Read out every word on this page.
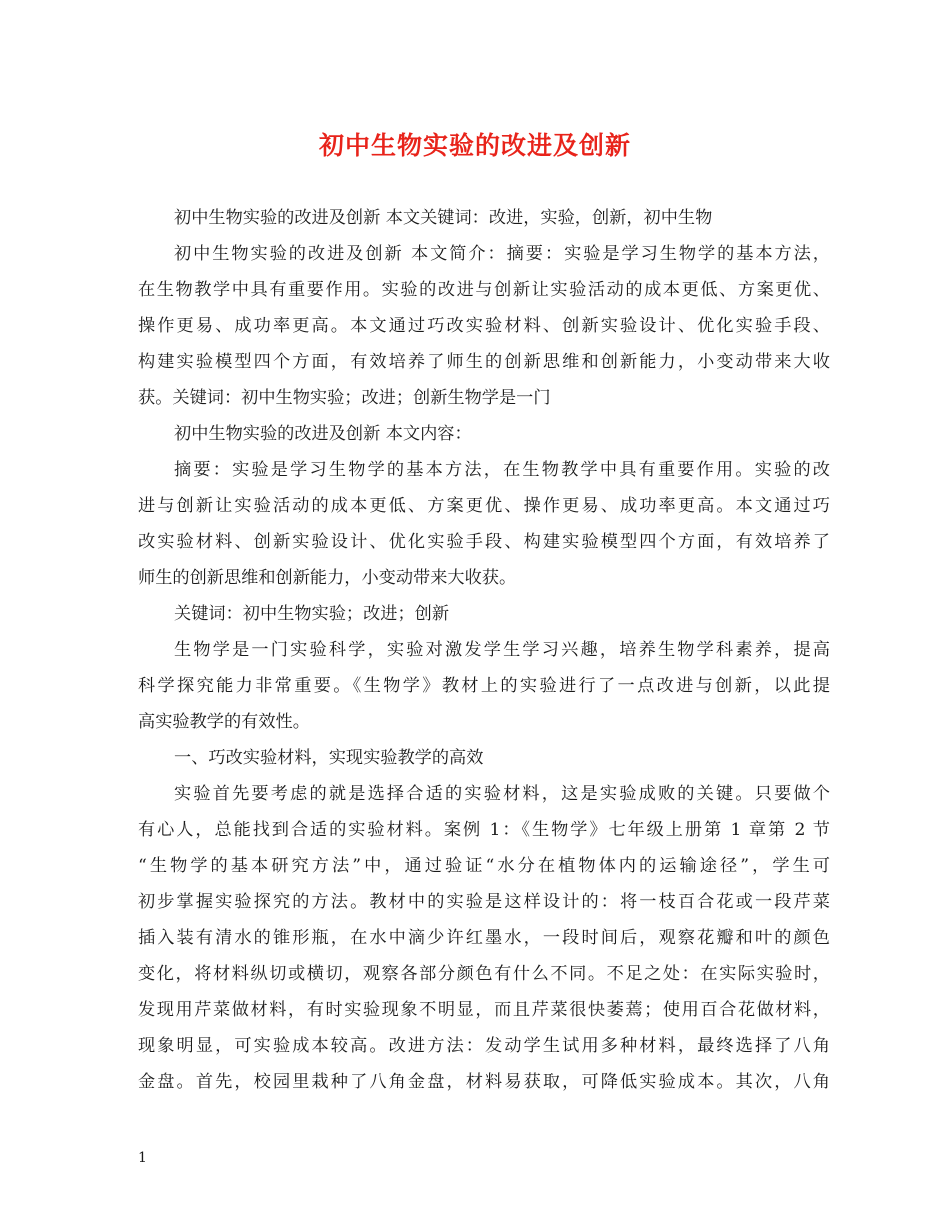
初中生物实验的改进及创新
初中生物实验的改进及创新 本文关键词：改进，实验，创新，初中生物
初中生物实验的改进及创新 本文简介：摘要：实验是学习生物学的基本方法，
在生物教学中具有重要作用。实验的改进与创新让实验活动的成本更低、方案更优、
操作更易、成功率更高。本文通过巧改实验材料、创新实验设计、优化实验手段、
构建实验模型四个方面，有效培养了师生的创新思维和创新能力，小变动带来大收
获。关键词：初中生物实验；改进；创新生物学是一门
初中生物实验的改进及创新 本文内容：
摘要：实验是学习生物学的基本方法，在生物教学中具有重要作用。实验的改
进与创新让实验活动的成本更低、方案更优、操作更易、成功率更高。本文通过巧
改实验材料、创新实验设计、优化实验手段、构建实验模型四个方面，有效培养了
师生的创新思维和创新能力，小变动带来大收获。
关键词：初中生物实验；改进；创新
生物学是一门实验科学，实验对激发学生学习兴趣，培养生物学科素养，提高
科学探究能力非常重要。《生物学》教材上的实验进行了一点改进与创新，以此提
高实验教学的有效性。
一、巧改实验材料，实现实验教学的高效
实验首先要考虑的就是选择合适的实验材料，这是实验成败的关键。只要做个
有心人，总能找到合适的实验材料。案例 1：《生物学》七年级上册第 1 章第 2 节
“生物学的基本研究方法”中，通过验证“水分在植物体内的运输途径”，学生可
初步掌握实验探究的方法。教材中的实验是这样设计的：将一枝百合花或一段芹菜
插入装有清水的锥形瓶，在水中滴少许红墨水，一段时间后，观察花瓣和叶的颜色
变化，将材料纵切或横切，观察各部分颜色有什么不同。不足之处：在实际实验时，
发现用芹菜做材料，有时实验现象不明显，而且芹菜很快萎蔫；使用百合花做材料，
现象明显，可实验成本较高。改进方法：发动学生试用多种材料，最终选择了八角
金盘。首先，校园里栽种了八角金盘，材料易获取，可降低实验成本。其次，八角
1
